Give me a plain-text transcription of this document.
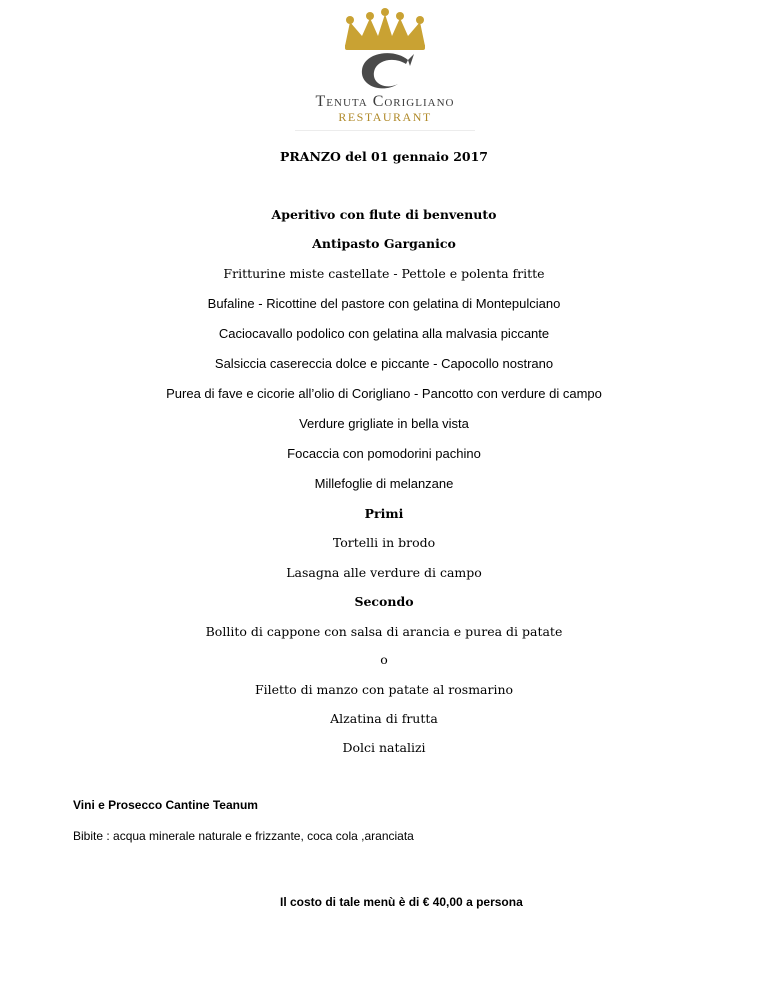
Tenuta Corigliano
RESTAURANT
PRANZO del 01 gennaio 2017
Aperitivo con flute di benvenuto
Antipasto Garganico
Fritturine miste castellate - Pettole e polenta fritte
Bufaline - Ricottine del pastore con gelatina di Montepulciano
Caciocavallo podolico con gelatina alla malvasia piccante
Salsiccia casereccia dolce e piccante - Capocollo nostrano
Purea di fave e cicorie all’olio di Corigliano - Pancotto con verdure di campo
Verdure grigliate in bella vista
Focaccia con pomodorini pachino
Millefoglie di melanzane
Primi
Tortelli in brodo
Lasagna alle verdure di campo
Secondo
Bollito di cappone con salsa di arancia e purea di patate
o
Filetto di manzo con patate al rosmarino
Alzatina di frutta
Dolci natalizi
Vini e Prosecco Cantine Teanum
Bibite : acqua minerale naturale e frizzante, coca cola ,aranciata
Il costo di tale menù è di € 40,00 a persona
